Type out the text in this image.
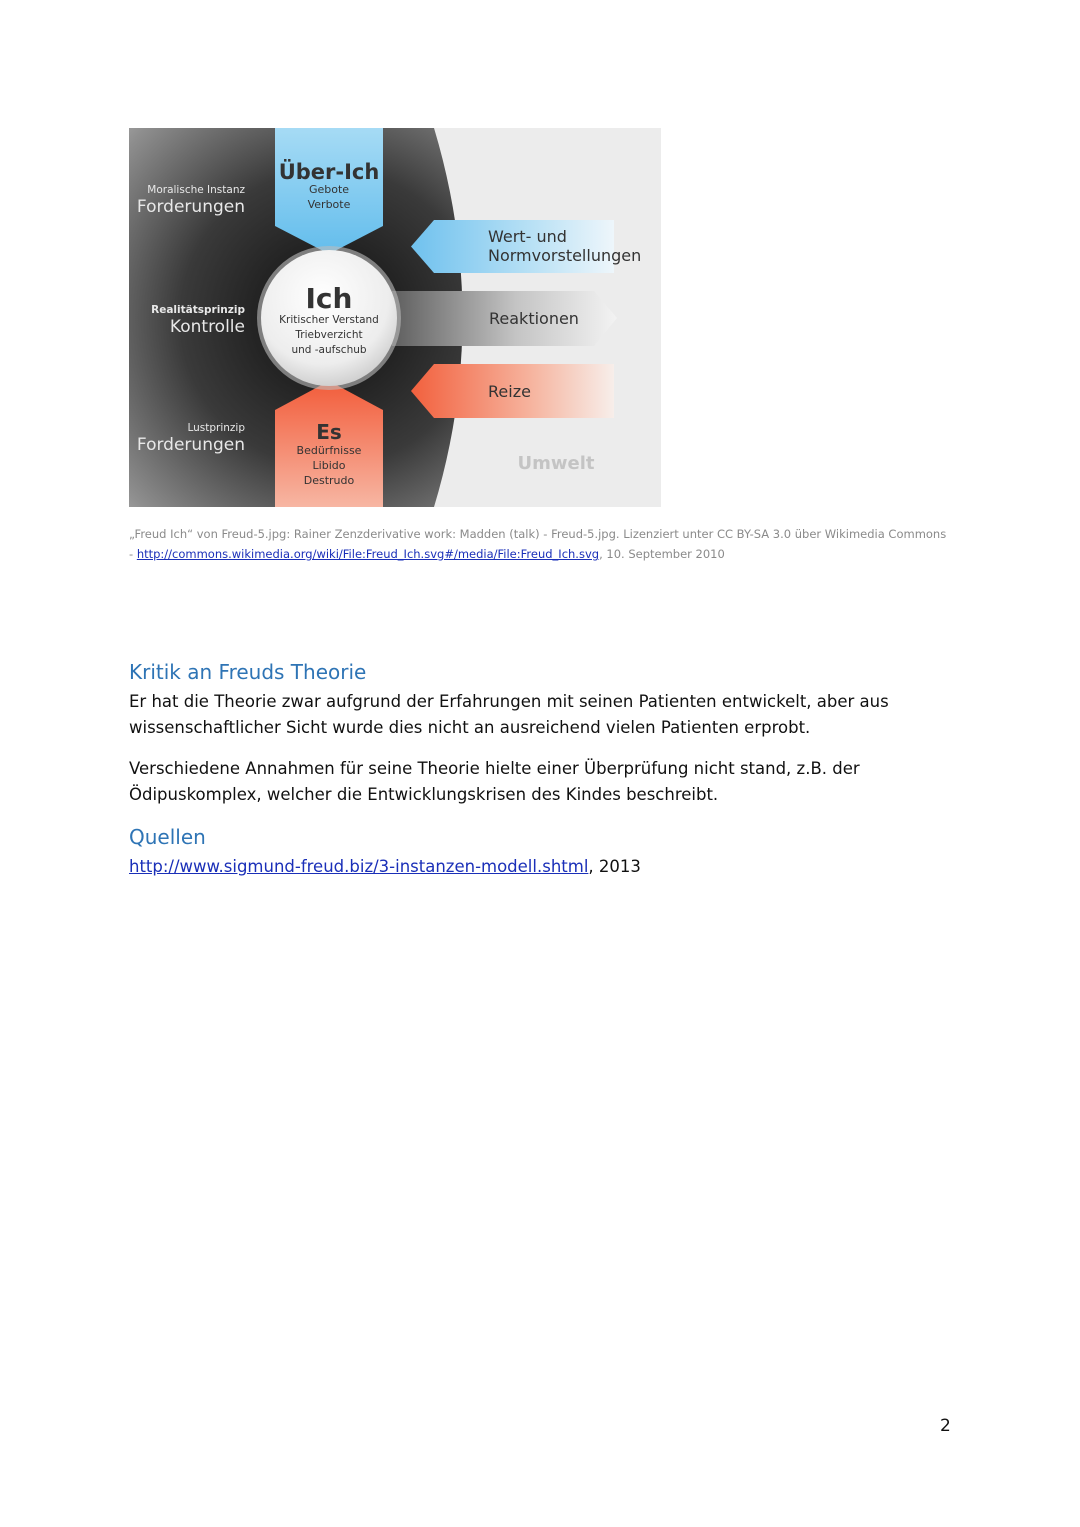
Moralische Instanz
Forderungen
Realitätsprinzip
Kontrolle
Lustprinzip
Forderungen
Über-Ich
Gebote
Verbote
Ich
Kritischer Verstand
Triebverzicht
und -aufschub
Es
Bedürfnisse
Libido
Destrudo
Wert- und
Normvorstellungen
Reaktionen
Reize
Umwelt
„Freud Ich“ von Freud-5.jpg: Rainer Zenzderivative work: Madden (talk) - Freud-5.jpg. Lizenziert unter CC BY-SA 3.0 über Wikimedia Commons - http://commons.wikimedia.org/wiki/File:Freud_Ich.svg#/media/File:Freud_Ich.svg, 10. September 2010
Kritik an Freuds Theorie

Er hat die Theorie zwar aufgrund der Erfahrungen mit seinen Patienten entwickelt, aber aus wissenschaftlicher Sicht wurde dies nicht an ausreichend vielen Patienten erprobt.

Verschiedene Annahmen für seine Theorie hielte einer Überprüfung nicht stand, z.B. der Ödipuskomplex, welcher die Entwicklungskrisen des Kindes beschreibt.

Quellen

http://www.sigmund-freud.biz/3-instanzen-modell.shtml, 2013

2
